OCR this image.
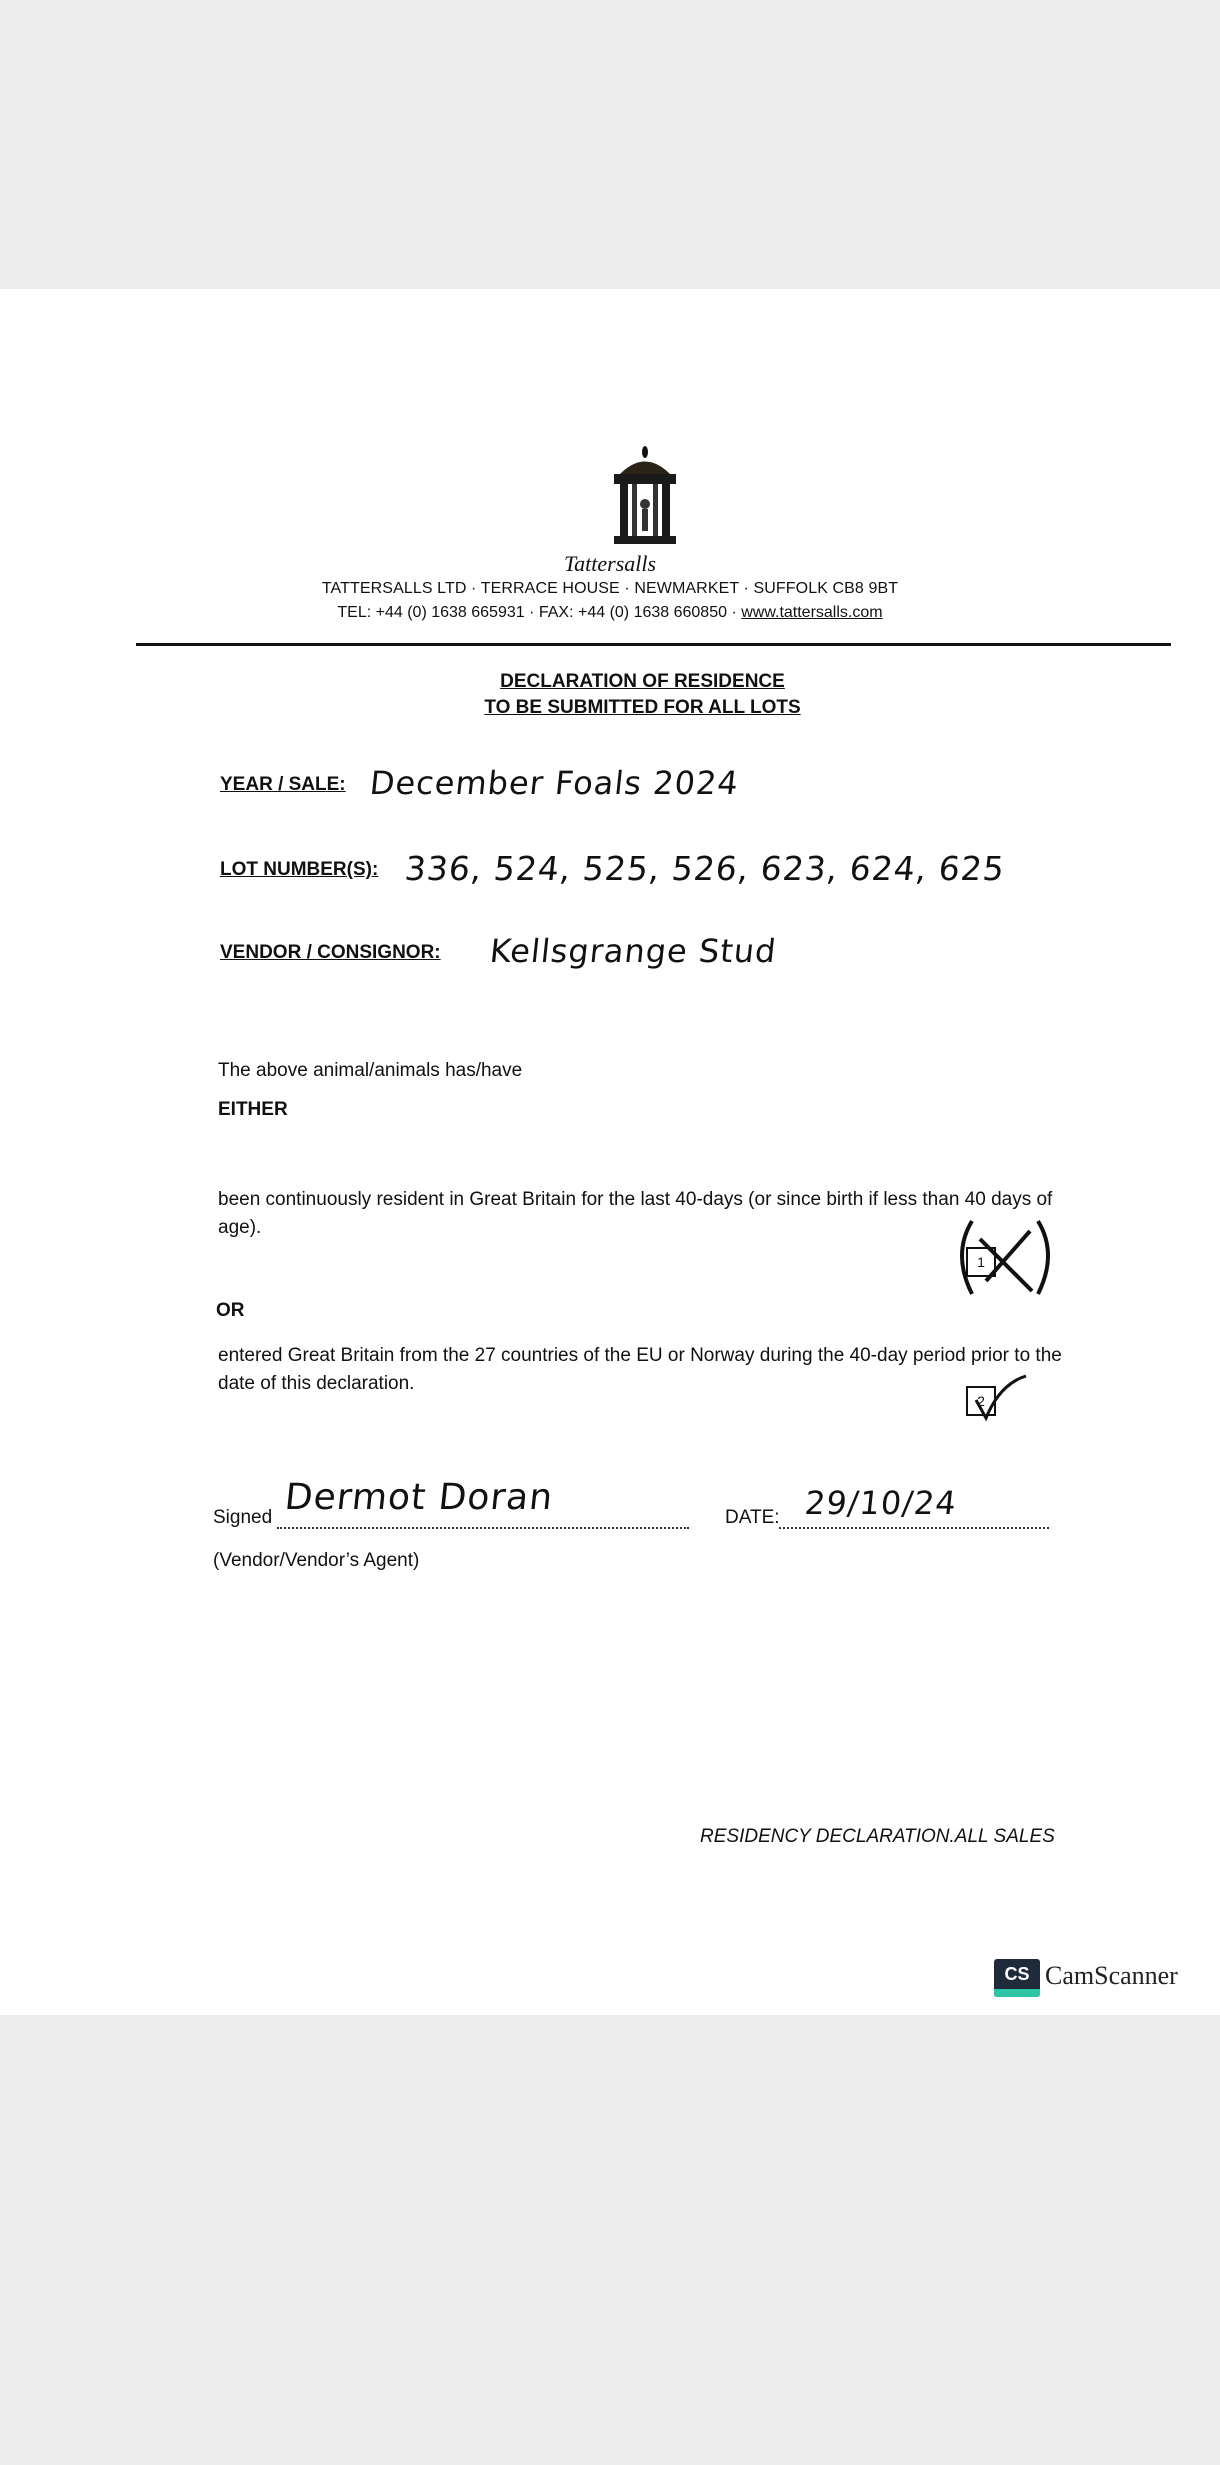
Tattersalls
TATTERSALLS LTD · TERRACE HOUSE · NEWMARKET · SUFFOLK CB8 9BT
TEL: +44 (0) 1638 665931 · FAX: +44 (0) 1638 660850 · www.tattersalls.com
DECLARATION OF RESIDENCE
TO BE SUBMITTED FOR ALL LOTS
YEAR / SALE: December Foals 2024
LOT NUMBER(S): 336, 524, 525, 526, 623, 624, 625
VENDOR / CONSIGNOR: Kellsgrange Stud
The above animal/animals has/have
EITHER
been continuously resident in Great Britain for the last 40-days (or since birth if less than 40 days of age).
1
OR
entered Great Britain from the 27 countries of the EU or Norway during the 40-day period prior to the date of this declaration.
2
Signed Dermot Doran	DATE: 29/10/24
(Vendor/Vendor’s Agent)
RESIDENCY DECLARATION.ALL SALES
CS CamScanner
